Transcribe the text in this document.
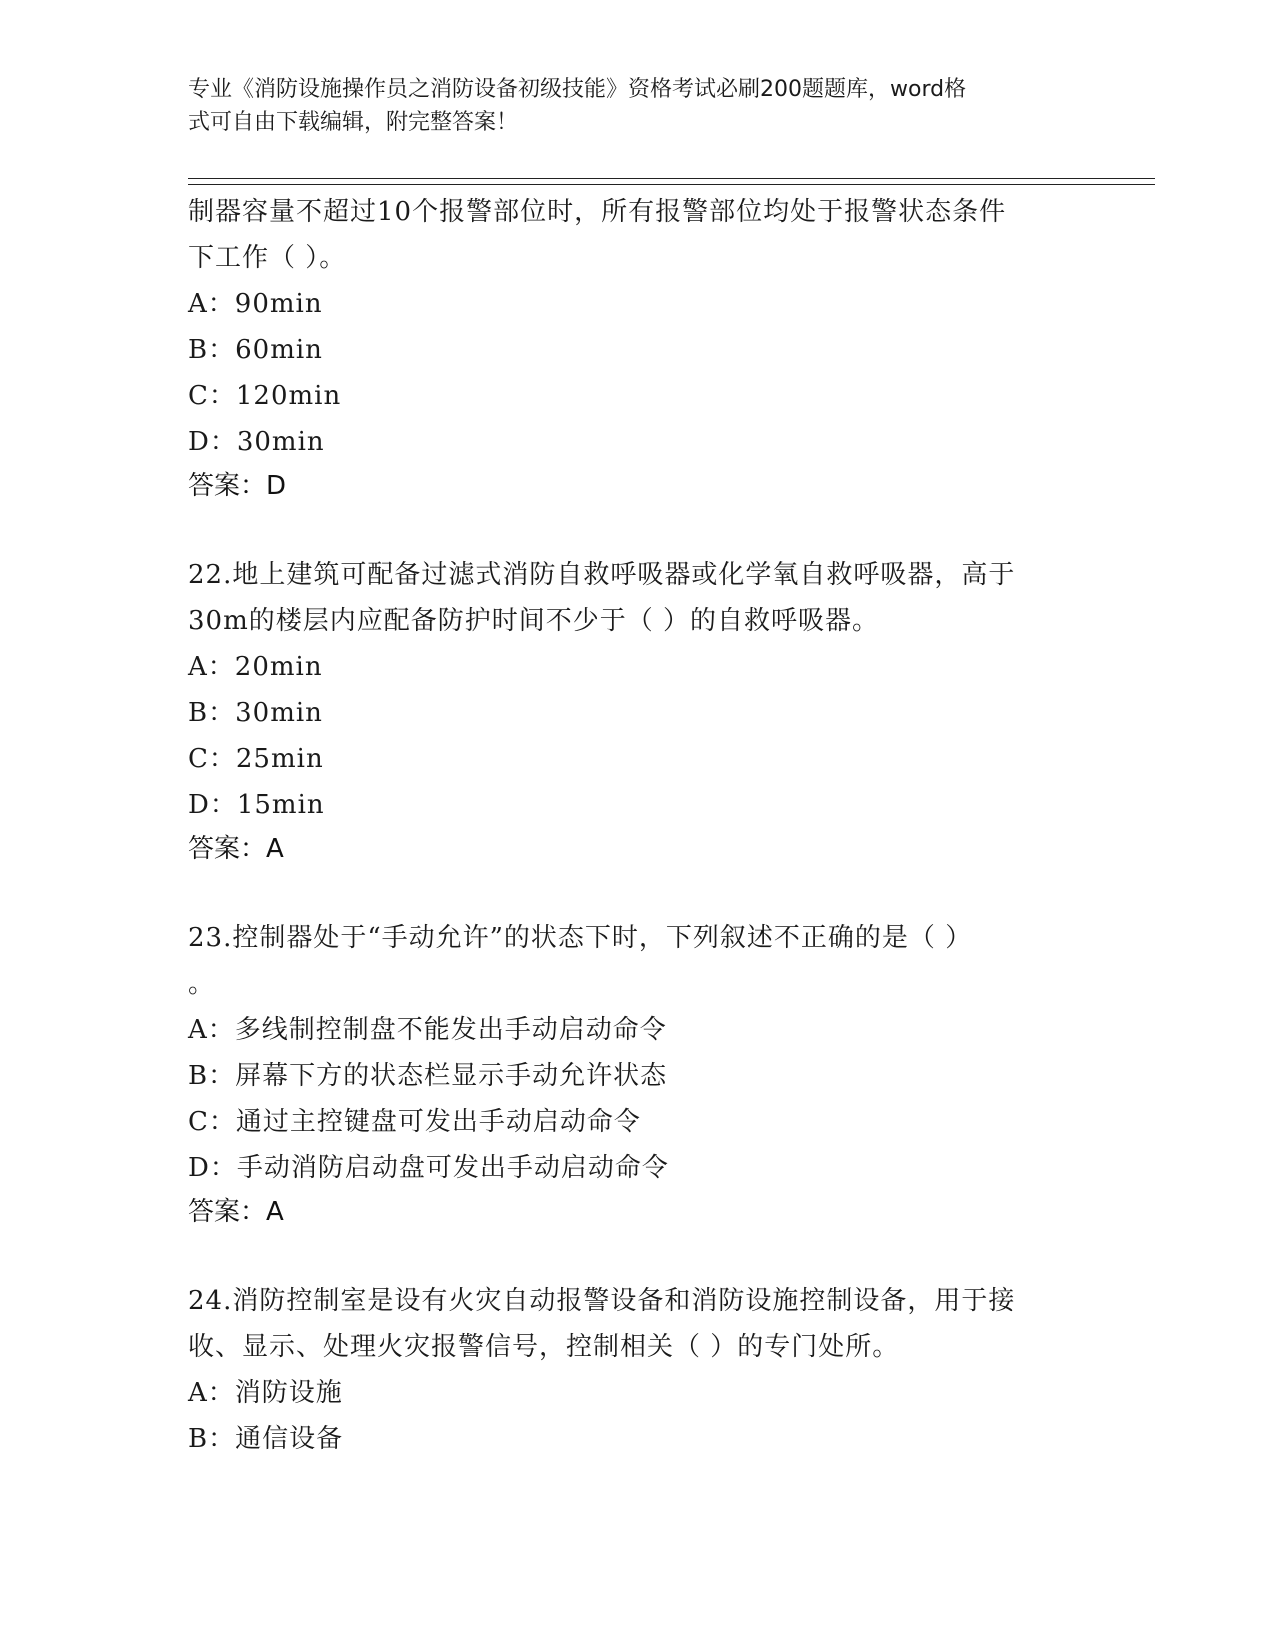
专业《消防设施操作员之消防设备初级技能》资格考试必刷200题题库，word格
式可自由下载编辑，附完整答案！
制器容量不超过10个报警部位时，所有报警部位均处于报警状态条件
下工作（ ）。
A：90min
B：60min
C：120min
D：30min
答案：D
22.地上建筑可配备过滤式消防自救呼吸器或化学氧自救呼吸器，高于
30m的楼层内应配备防护时间不少于（ ）的自救呼吸器。
A：20min
B：30min
C：25min
D：15min
答案：A
23.控制器处于“手动允许”的状态下时，下列叙述不正确的是（ ）
。
A：多线制控制盘不能发出手动启动命令
B：屏幕下方的状态栏显示手动允许状态
C：通过主控键盘可发出手动启动命令
D：手动消防启动盘可发出手动启动命令
答案：A
24.消防控制室是设有火灾自动报警设备和消防设施控制设备，用于接
收、显示、处理火灾报警信号，控制相关（ ）的专门处所。
A：消防设施
B：通信设备
